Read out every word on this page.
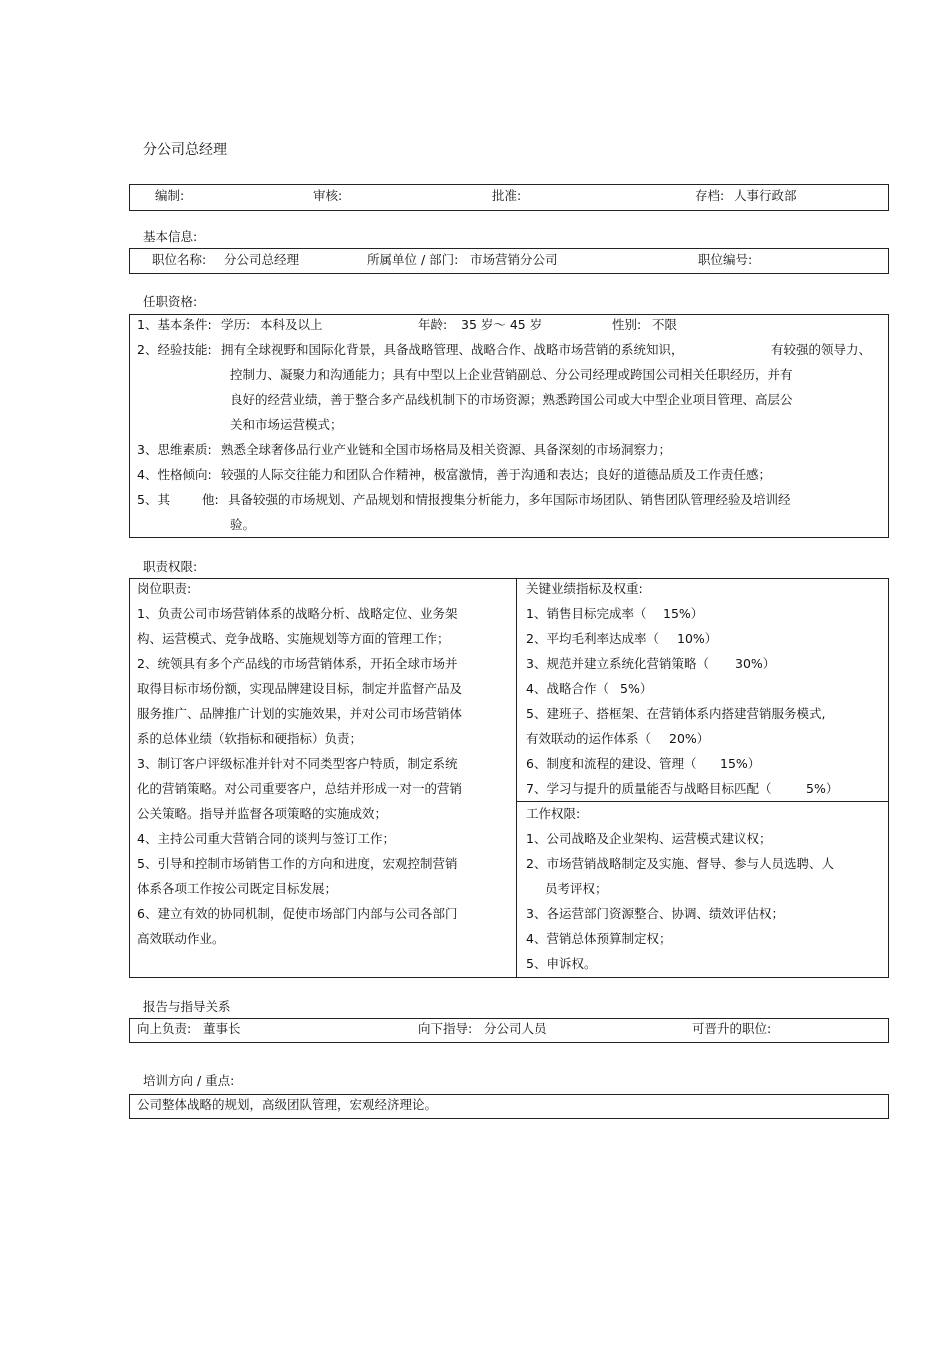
分公司总经理
编制:	审核:	批准:	存档: 人事行政部
基本信息:
职位名称: 分公司总经理	所属单位 / 部门: 市场营销分公司	职位编号:
任职资格:
1、基本条件: 学历: 本科及以上	年龄: 35 岁～ 45 岁	性别: 不限
2、经验技能: 拥有全球视野和国际化背景，具备战略管理、战略合作、战略市场营销的系统知识，	有较强的领导力、
控制力、凝聚力和沟通能力；具有中型以上企业营销副总、分公司经理或跨国公司相关任职经历，并有
良好的经营业绩，善于整合多产品线机制下的市场资源；熟悉跨国公司或大中型企业项目管理、高层公
关和市场运营模式；
3、思维素质: 熟悉全球奢侈品行业产业链和全国市场格局及相关资源、具备深刻的市场洞察力；
4、性格倾向: 较强的人际交往能力和团队合作精神，极富激情，善于沟通和表达；良好的道德品质及工作责任感；
5、其	他: 具备较强的市场规划、产品规划和情报搜集分析能力，多年国际市场团队、销售团队管理经验及培训经
验。
职责权限:
岗位职责:
1、负责公司市场营销体系的战略分析、战略定位、业务架
构、运营模式、竞争战略、实施规划等方面的管理工作；
2、统领具有多个产品线的市场营销体系，开拓全球市场并
取得目标市场份额，实现品牌建设目标，制定并监督产品及
服务推广、品牌推广计划的实施效果，并对公司市场营销体
系的总体业绩（软指标和硬指标）负责；
3、制订客户评级标准并针对不同类型客户特质，制定系统
化的营销策略。对公司重要客户，总结并形成一对一的营销
公关策略。指导并监督各项策略的实施成效；
4、主持公司重大营销合同的谈判与签订工作；
5、引导和控制市场销售工作的方向和进度，宏观控制营销
体系各项工作按公司既定目标发展；
6、建立有效的协同机制，促使市场部门内部与公司各部门
高效联动作业。
关键业绩指标及权重:
1、销售目标完成率（ 15%）
2、平均毛利率达成率（ 10%）
3、规范并建立系统化营销策略（ 30%）
4、战略合作（ 5%）
5、建班子、搭框架、在营销体系内搭建营销服务模式,
有效联动的运作体系（ 20%）
6、制度和流程的建设、管理（ 15%）
7、学习与提升的质量能否与战略目标匹配（	5%）
工作权限:
1、公司战略及企业架构、运营模式建议权；
2、市场营销战略制定及实施、督导、参与人员选聘、人
员考评权；
3、各运营部门资源整合、协调、绩效评估权；
4、营销总体预算制定权；
5、申诉权。
报告与指导关系
向上负责: 董事长	向下指导: 分公司人员	可晋升的职位:
培训方向 / 重点:
公司整体战略的规划，高级团队管理，宏观经济理论。
